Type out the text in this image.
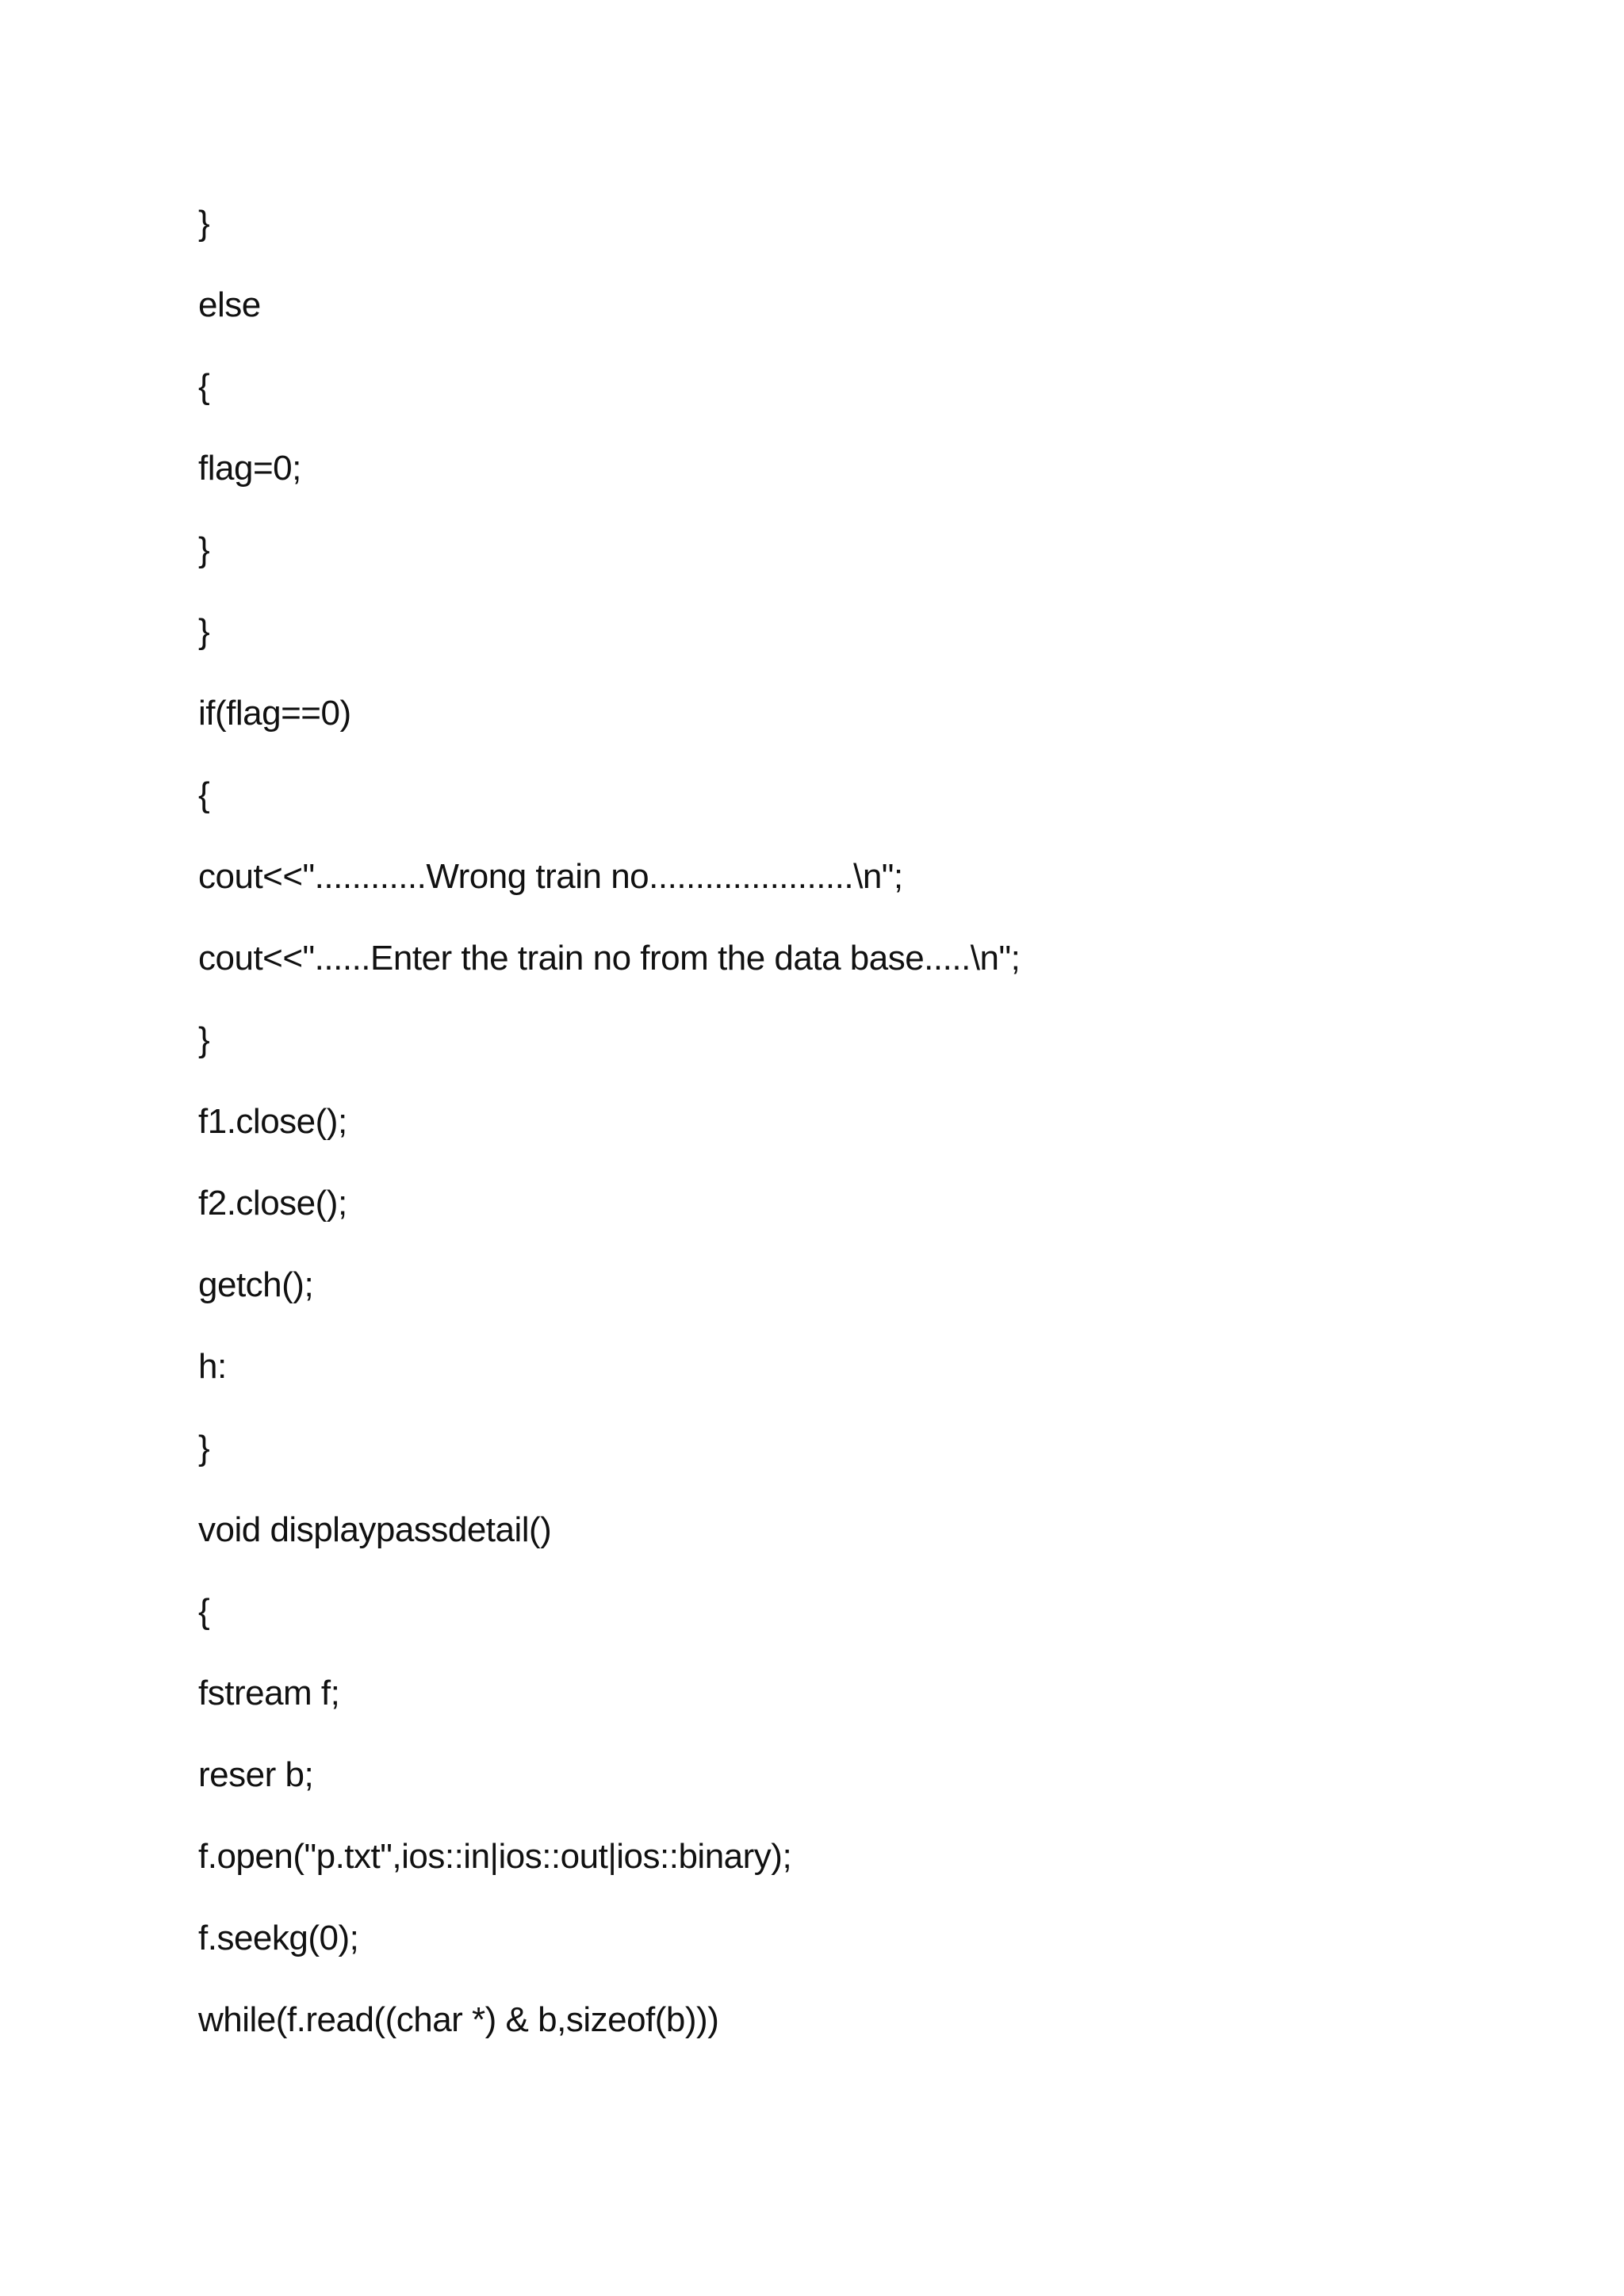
}
else
{
flag=0;
}
}
if(flag==0)
{
cout<<"............Wrong train no......................\n";
cout<<"......Enter the train no from the data base.....\n";
}
f1.close();
f2.close();
getch();
h:
}
void displaypassdetail()
{
fstream f;
reser b;
f.open("p.txt",ios::in|ios::out|ios::binary);
f.seekg(0);
while(f.read((char *) & b,sizeof(b)))
